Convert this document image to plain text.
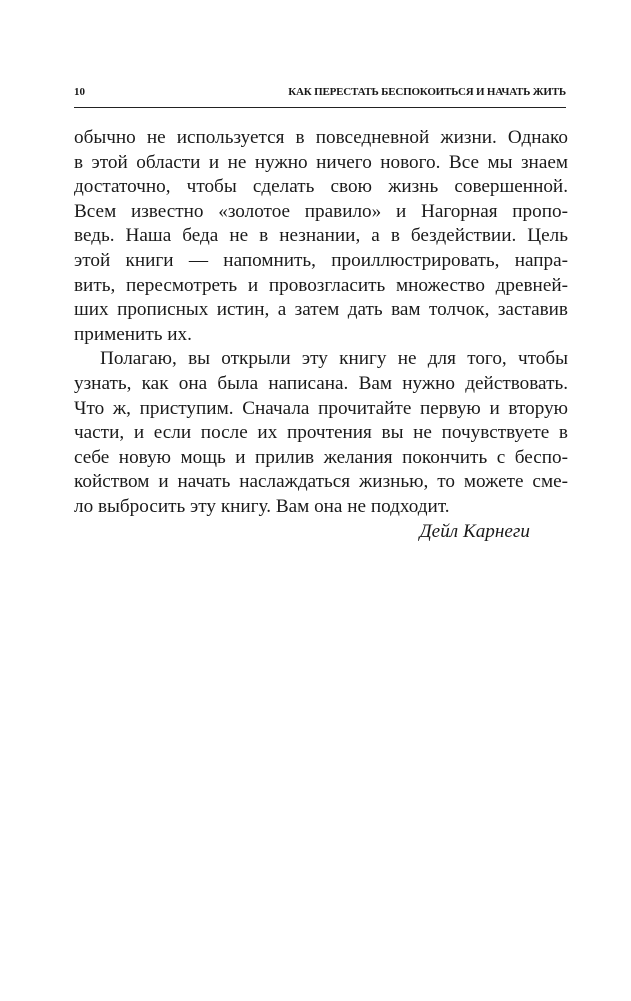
10	КАК ПЕРЕСТАТЬ БЕСПОКОИТЬСЯ И НАЧАТЬ ЖИТЬ
обычно не используется в повседневной жизни. Однако
в этой области и не нужно ничего нового. Все мы знаем
достаточно, чтобы сделать свою жизнь совершенной.
Всем известно «золотое правило» и Нагорная пропо-
ведь. Наша беда не в незнании, а в бездействии. Цель
этой книги — напомнить, проиллюстрировать, напра-
вить, пересмотреть и провозгласить множество древней-
ших прописных истин, а затем дать вам толчок, заставив
применить их.
Полагаю, вы открыли эту книгу не для того, чтобы
узнать, как она была написана. Вам нужно действовать.
Что ж, приступим. Сначала прочитайте первую и вторую
части, и если после их прочтения вы не почувствуете в
себе новую мощь и прилив желания покончить с беспо-
койством и начать наслаждаться жизнью, то можете сме-
ло выбросить эту книгу. Вам она не подходит.
Дейл Карнеги
